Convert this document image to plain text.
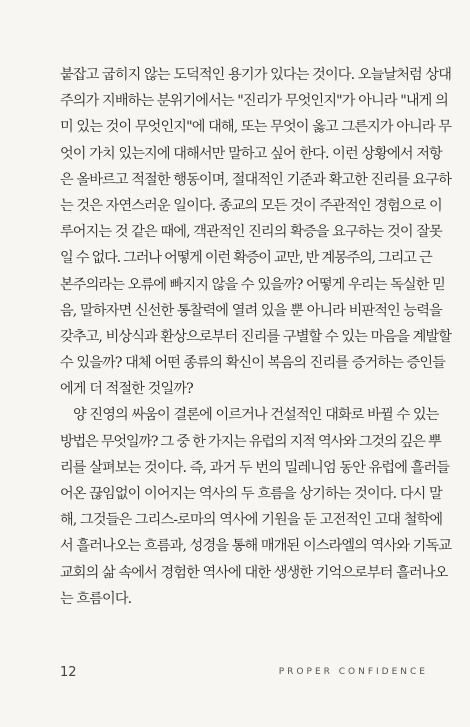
붙잡고 굽히지 않는 도덕적인 용기가 있다는 것이다. 오늘날처럼 상대
주의가 지배하는 분위기에서는 "진리가 무엇인지"가 아니라 "내게 의
미 있는 것이 무엇인지"에 대해, 또는 무엇이 옳고 그른지가 아니라 무
엇이 가치 있는지에 대해서만 말하고 싶어 한다. 이런 상황에서 저항
은 올바르고 적절한 행동이며, 절대적인 기준과 확고한 진리를 요구하
는 것은 자연스러운 일이다. 종교의 모든 것이 주관적인 경험으로 이
루어지는 것 같은 때에, 객관적인 진리의 확증을 요구하는 것이 잘못
일 수 없다. 그러나 어떻게 이런 확증이 교만, 반 계몽주의, 그리고 근
본주의라는 오류에 빠지지 않을 수 있을까? 어떻게 우리는 독실한 믿
음, 말하자면 신선한 통찰력에 열려 있을 뿐 아니라 비판적인 능력을
갖추고, 비상식과 환상으로부터 진리를 구별할 수 있는 마음을 계발할
수 있을까? 대체 어떤 종류의 확신이 복음의 진리를 증거하는 증인들
에게 더 적절한 것일까?
양 진영의 싸움이 결론에 이르거나 건설적인 대화로 바뀔 수 있는
방법은 무엇일까? 그 중 한 가지는 유럽의 지적 역사와 그것의 깊은 뿌
리를 살펴보는 것이다. 즉, 과거 두 번의 밀레니엄 동안 유럽에 흘러들
어온 끊임없이 이어지는 역사의 두 흐름을 상기하는 것이다. 다시 말
해, 그것들은 그리스-로마의 역사에 기원을 둔 고전적인 고대 철학에
서 흘러나오는 흐름과, 성경을 통해 매개된 이스라엘의 역사와 기독교
교회의 삶 속에서 경험한 역사에 대한 생생한 기억으로부터 흘러나오
는 흐름이다.
12	PROPER CONFIDENCE
